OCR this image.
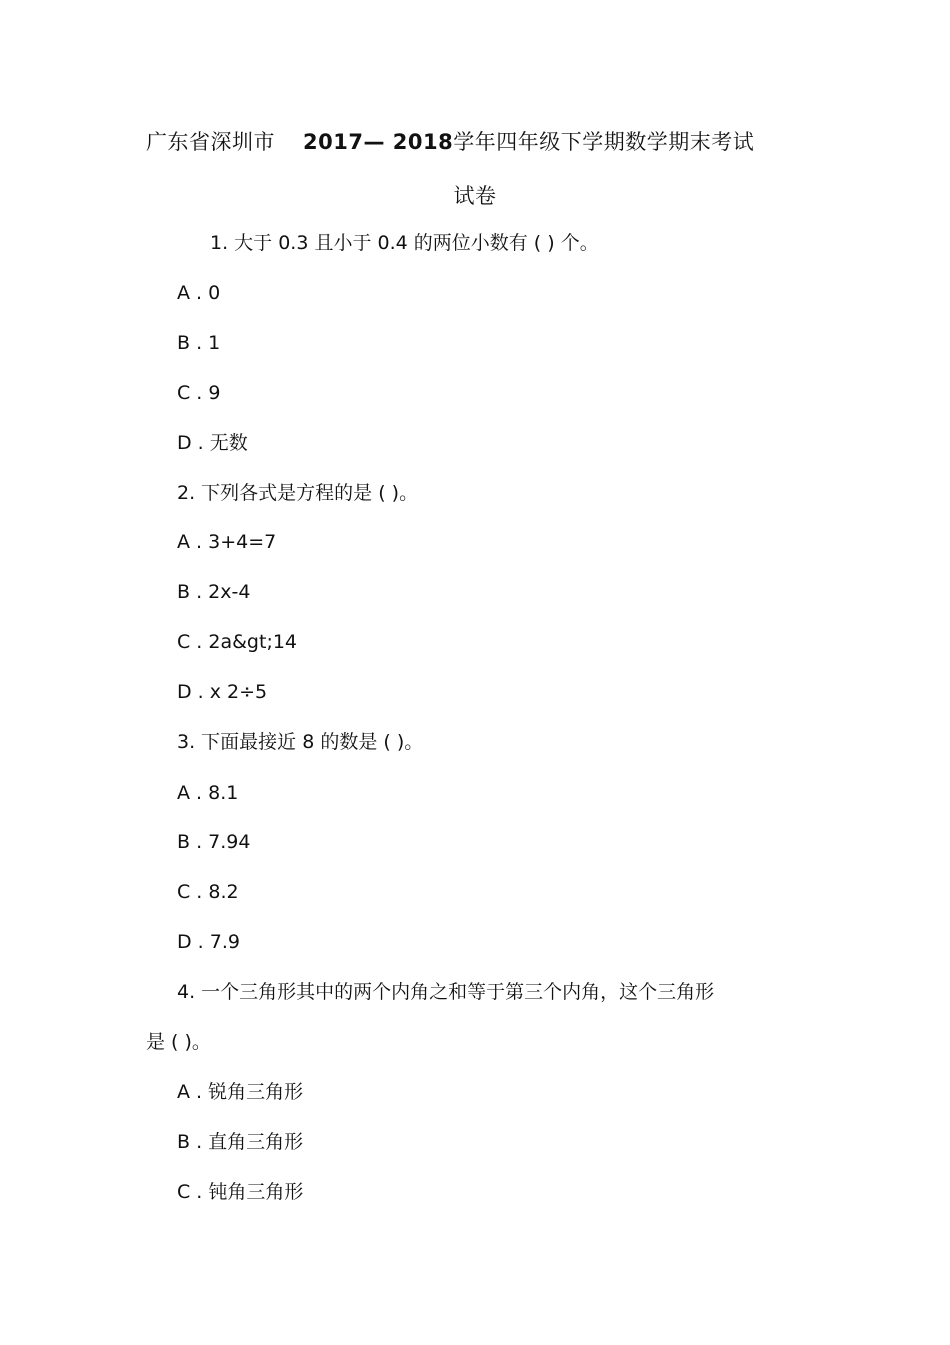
广东省深圳市 2017— 2018学年四年级下学期数学期末考试
试卷
1. 大于 0.3 且小于 0.4 的两位小数有 ( ) 个。
A . 0
B . 1
C . 9
D . 无数
2. 下列各式是方程的是 ( )。
A . 3+4=7
B . 2x-4
C . 2a&gt;14
D . x 2÷5
3. 下面最接近 8 的数是 ( )。
A . 8.1
B . 7.94
C . 8.2
D . 7.9
4. 一个三角形其中的两个内角之和等于第三个内角，这个三角形
是 ( )。
A . 锐角三角形
B . 直角三角形
C . 钝角三角形
